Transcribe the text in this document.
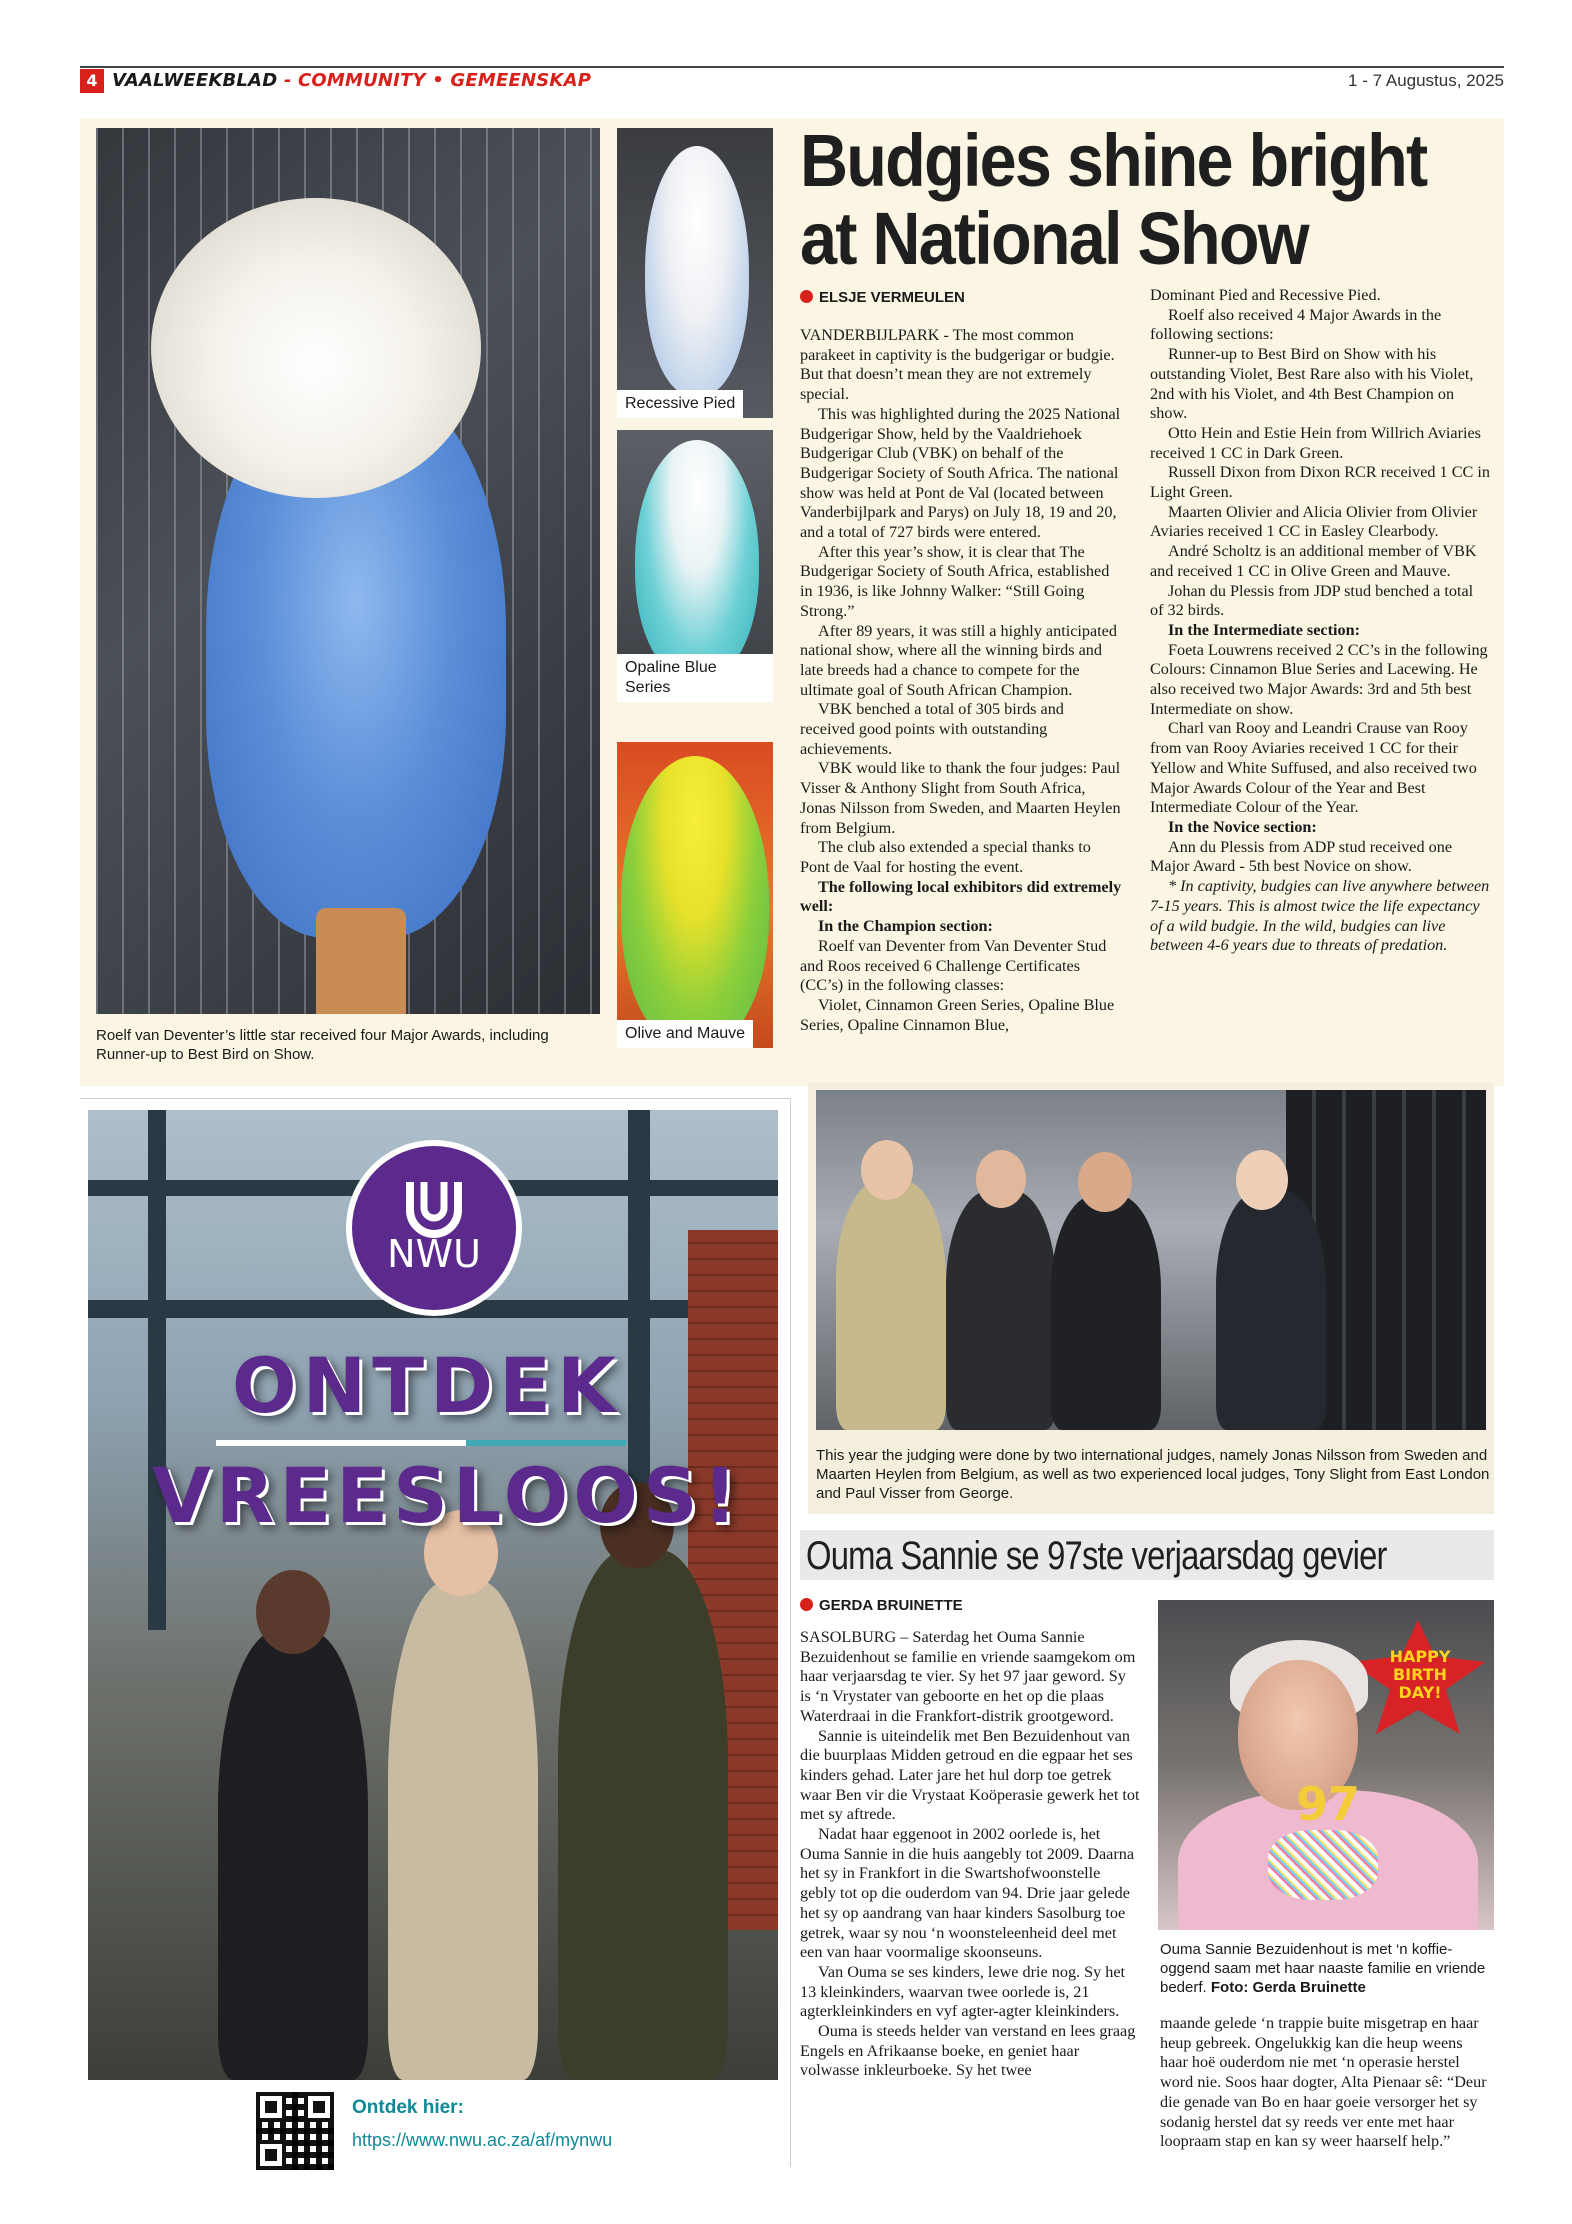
4 VAALWEEKBLAD - COMMUNITY • GEMEENSKAP	1 - 7 Augustus, 2025
Roelf van Deventer’s little star received four Major Awards, including Runner-up to Best Bird on Show.
Recessive Pied
Opaline Blue Series
Olive and Mauve
Budgies shine bright
at National Show
ELSJE VERMEULEN

VANDERBIJLPARK - The most common parakeet in captivity is the budgerigar or budgie. But that doesn’t mean they are not extremely special.

This was highlighted during the 2025 National Budgerigar Show, held by the Vaaldriehoek Budgerigar Club (VBK) on behalf of the Budgerigar Society of South Africa. The national show was held at Pont de Val (located between Vanderbijlpark and Parys) on July 18, 19 and 20, and a total of 727 birds were entered.

After this year’s show, it is clear that The Budgerigar Society of South Africa, established in 1936, is like Johnny Walker: “Still Going Strong.”

After 89 years, it was still a highly anticipated national show, where all the winning birds and late breeds had a chance to compete for the ultimate goal of South African Champion.

VBK benched a total of 305 birds and received good points with outstanding achievements.

VBK would like to thank the four judges: Paul Visser & Anthony Slight from South Africa, Jonas Nilsson from Sweden, and Maarten Heylen from Belgium.

The club also extended a special thanks to Pont de Vaal for hosting the event.

The following local exhibitors did extremely well:

In the Champion section:

Roelf van Deventer from Van Deventer Stud and Roos received 6 Challenge Certificates (CC’s) in the following classes:

Violet, Cinnamon Green Series, Opaline Blue Series, Opaline Cinnamon Blue,

Dominant Pied and Recessive Pied.

Roelf also received 4 Major Awards in the following sections:

Runner-up to Best Bird on Show with his outstanding Violet, Best Rare also with his Violet, 2nd with his Violet, and 4th Best Champion on show.

Otto Hein and Estie Hein from Willrich Aviaries received 1 CC in Dark Green.

Russell Dixon from Dixon RCR received 1 CC in Light Green.

Maarten Olivier and Alicia Olivier from Olivier Aviaries received 1 CC in Easley Clearbody.

André Scholtz is an additional member of VBK and received 1 CC in Olive Green and Mauve.

Johan du Plessis from JDP stud benched a total of 32 birds.

In the Intermediate section:

Foeta Louwrens received 2 CC’s in the following Colours: Cinnamon Blue Series and Lacewing. He also received two Major Awards: 3rd and 5th best Intermediate on show.

Charl van Rooy and Leandri Crause van Rooy from van Rooy Aviaries received 1 CC for their Yellow and White Suffused, and also received two Major Awards Colour of the Year and Best Intermediate Colour of the Year.

In the Novice section:

Ann du Plessis from ADP stud received one Major Award - 5th best Novice on show.

* In captivity, budgies can live anywhere between 7-15 years. This is almost twice the life expectancy of a wild budgie. In the wild, budgies can live between 4-6 years due to threats of predation.

This year the judging were done by two international judges, namely Jonas Nilsson from Sweden and Maarten Heylen from Belgium, as well as two experienced local judges, Tony Slight from East London and Paul Visser from George.
NWU
ONTDEK
VREESLOOS!
Ontdek hier:
https://www.nwu.ac.za/af/mynwu
Ouma Sannie se 97ste verjaarsdag gevier
GERDA BRUINETTE

SASOLBURG – Saterdag het Ouma Sannie Bezuidenhout se familie en vriende saamgekom om haar verjaarsdag te vier. Sy het 97 jaar geword. Sy is ‘n Vrystater van geboorte en het op die plaas Waterdraai in die Frankfort-distrik grootgeword.

Sannie is uiteindelik met Ben Bezuidenhout van die buurplaas Midden getroud en die egpaar het ses kinders gehad. Later jare het hul dorp toe getrek waar Ben vir die Vrystaat Koöperasie gewerk het tot met sy aftrede.

Nadat haar eggenoot in 2002 oorlede is, het Ouma Sannie in die huis aangebly tot 2009. Daarna het sy in Frankfort in die Swartshofwoonstelle gebly tot op die ouderdom van 94. Drie jaar gelede het sy op aandrang van haar kinders Sasolburg toe getrek, waar sy nou ‘n woonsteleenheid deel met een van haar voormalige skoonseuns.

Van Ouma se ses kinders, lewe drie nog. Sy het 13 kleinkinders, waarvan twee oorlede is, 21 agterkleinkinders en vyf agter-agter kleinkinders.

Ouma is steeds helder van verstand en lees graag Engels en Afrikaanse boeke, en geniet haar volwasse inkleurboeke. Sy het twee

HAPPY BIRTH DAY!
97
Ouma Sannie Bezuidenhout is met ‘n koffie-oggend saam met haar naaste familie en vriende bederf. Foto: Gerda Bruinette

maande gelede ‘n trappie buite misgetrap en haar heup gebreek. Ongelukkig kan die heup weens haar hoë ouderdom nie met ‘n operasie herstel word nie. Soos haar dogter, Alta Pienaar sê: “Deur die genade van Bo en haar goeie versorger het sy sodanig herstel dat sy reeds ver ente met haar loopraam stap en kan sy weer haarself help.”
